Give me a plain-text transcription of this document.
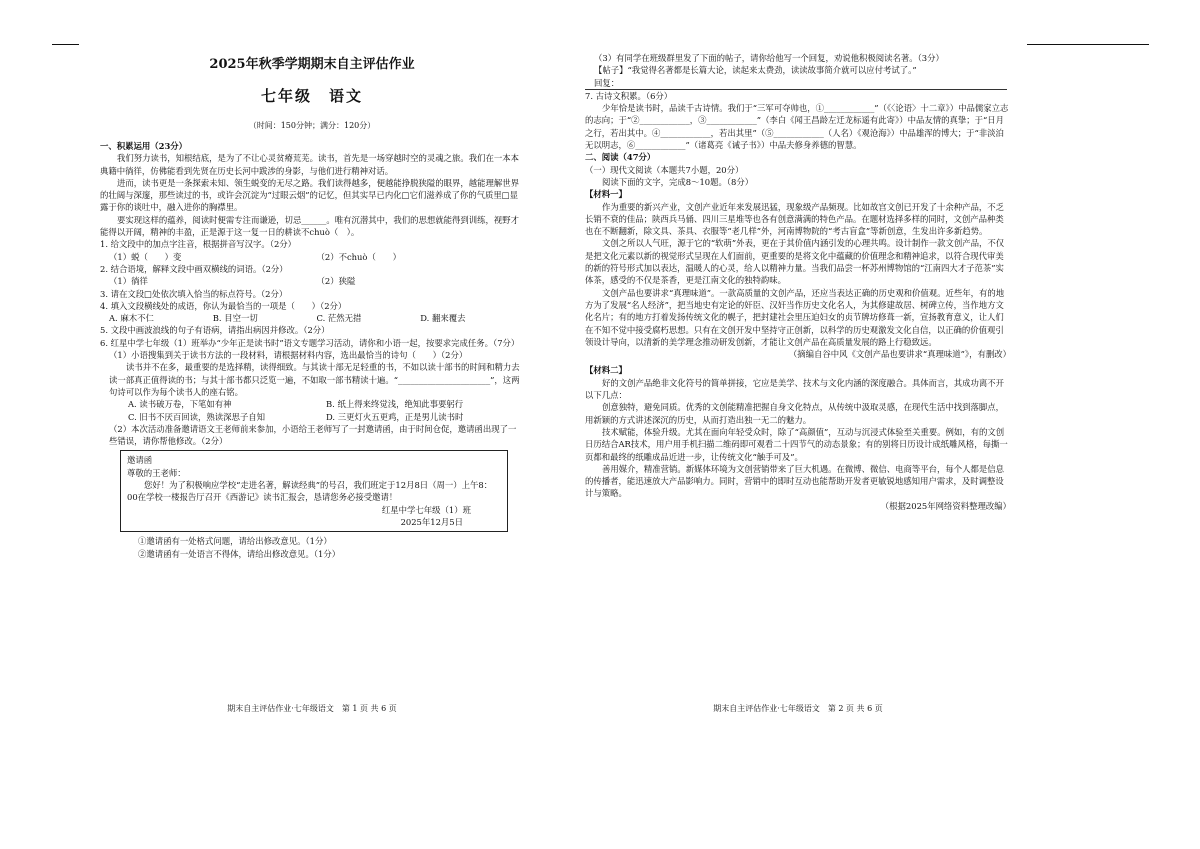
2025年秋季学期期末自主评估作业

七年级　语文

（时间：150分钟；满分：120分）

一、积累运用（23分）

我们努力读书，知根结底，是为了不让心灵贫瘠荒芜。读书，首先是一场穿越时空的灵魂之旅。我们在一本本典籍中徜徉，仿佛能看到先贤在历史长河中跋涉的身影，与他们进行精神对话。

进而，读书更是一条探索未知、领生蜕变的无尽之路。我们读得越多，便越能挣脱狭隘的眼界，越能理解世界的壮阔与深邃，那些读过的书，或许会沉淀为“过眼云烟”的记忆，但其实早已内化□它们滋养成了你的气质里□显露于你的谈吐中，融入进你的胸襟里。

要实现这样的蕴养，阅读时便需专注而谦逊，切忌______。唯有沉潜其中，我们的思想就能得到训练，视野才能得以开阔，精神的丰盈，正是源于这一复一日的耕读不chuò（　）。

1. 给文段中的加点字注音，根据拼音写汉字。（2分）

（1）蜕（　　）变	（2）不chuò（　　）

2. 结合语境，解释文段中画双横线的词语。（2分）

（1）徜徉	（2）狭隘

3. 请在文段□处依次填入恰当的标点符号。（2分）

4. 填入文段横线处的成语，你认为最恰当的一项是（　　）（2分）

A. 麻木不仁	B. 目空一切	C. 茫然无措	D. 翻来覆去

5. 文段中画波浪线的句子有语病，请指出病因并修改。（2分）

6. 红星中学七年级（1）班举办“少年正是读书时”语文专题学习活动，请你和小语一起，按要求完成任务。（7分）

（1）小语搜集到关于读书方法的一段材料，请根据材料内容，选出最恰当的诗句（　　）（2分）

读书并不在多，最重要的是选择精，读得细致。与其读十部无足轻重的书，不如以读十部书的时间和精力去读一部真正值得读的书；与其十部书都只泛览一遍，不如取一部书精读十遍。“______________________”，这两句诗可以作为每个读书人的座右铭。

A. 读书破万卷，下笔如有神	B. 纸上得来终觉浅，绝知此事要躬行
C. 旧书不厌百回读，熟读深思子自知	D. 三更灯火五更鸡，正是男儿读书时

（2）本次活动准备邀请语文王老师前来参加，小语给王老师写了一封邀请函，由于时间仓促，邀请函出现了一些错误，请你帮他修改。（2分）

邀请函

尊敬的王老师：

您好！为了积极响应学校“走进名著，解读经典”的号召，我们班定于12月8日（周一）上午8：00在学校一楼报告厅召开《西游记》读书汇报会，恳请您务必接受邀请！

红星中学七年级（1）班

2025年12月5日

①邀请函有一处格式问题，请给出修改意见。（1分）

②邀请函有一处语言不得体，请给出修改意见。（1分）

期末自主评估作业·七年级语文　第 1 页 共 6 页

（3）有同学在班级群里发了下面的帖子，请你给他写一个回复，劝说他积极阅读名著。（3分）

【帖子】“我觉得名著都是长篇大论，读起来太费劲，读读故事简介就可以应付考试了。”

回复：

7. 古诗文积累。（6分）

少年恰是读书时，品读千古诗情。我们于“三军可夺帅也，①____________”（《〈论语〉十二章》）中品儒家立志的志向；于“②____________，③____________”（李白《闻王昌龄左迁龙标遥有此寄》）中品友情的真挚；于“日月之行，若出其中。④____________，若出其里”（⑤____________（人名）《观沧海》）中品雄浑的博大；于“非淡泊无以明志，⑥____________”（诸葛亮《诫子书》）中品夫修身养德的智慧。

二、阅读（47分）

（一）现代文阅读（本题共7小题，20分）

阅读下面的文字，完成8～10题。（8分）

【材料一】

作为重要的新兴产业，文创产业近年来发展迅猛，现象级产品频现。比如故宫文创已开发了十余种产品，不乏长销不衰的佳品；陕西兵马俑、四川三星堆等也各有创意满满的特色产品。在题材选择多样的同时，文创产品种类也在不断翻新，除文具、茶具、衣服等“老几样”外，河南博物院的“考古盲盒”等新创意，生发出许多新趋势。

文创之所以人气旺，源于它的“软萌”外表，更在于其价值内涵引发的心理共鸣。设计制作一款文创产品，不仅是把文化元素以新的视觉形式呈现在人们面前，更重要的是将文化中蕴藏的价值理念和精神追求，以符合现代审美的新的符号形式加以表达，温暖人的心灵，给人以精神力量。当我们品尝一杯苏州博物馆的“江南四大才子范茶”实体茶，感受的不仅是茶香，更是江南文化的独特韵味。

文创产品也要讲求“真理味道”。一款高质量的文创产品，还应当表达正确的历史观和价值观。近些年，有的地方为了发展“名人经济”，把当地史有定论的奸臣、汉奸当作历史文化名人，为其修建故居、树碑立传，当作地方文化名片；有的地方打着发扬传统文化的幌子，把封建社会里压迫妇女的贞节牌坊修葺一新，宣扬教育意义，让人们在不知不觉中接受腐朽思想。只有在文创开发中坚持守正创新，以科学的历史观激发文化自信，以正确的价值观引领设计导向，以清新的美学理念推动研发创新，才能让文创产品在高质量发展的路上行稳致远。

（摘编自谷中风《文创产品也要讲求“真理味道”》，有删改）

【材料二】

好的文创产品绝非文化符号的简单拼接，它应是美学、技术与文化内涵的深度融合。具体而言，其成功离不开以下几点：

创意独特，避免同质。优秀的文创能精准把握自身文化特点，从传统中汲取灵感，在现代生活中找到落脚点，用新颖的方式讲述深沉的历史，从而打造出独一无二的魅力。

技术赋能，体验升级。尤其在面向年轻受众时，除了“高颜值”，互动与沉浸式体验至关重要。例如，有的文创日历结合AR技术，用户用手机扫描二维码即可观看二十四节气的动态景象；有的别将日历设计成纸雕风格，每撕一页都和最终的纸雕成品近进一步，让传统文化“触手可及”。

善用媒介，精准营销。新媒体环境为文创营销带来了巨大机遇。在微博、微信、电商等平台，每个人都是信息的传播者，能迅速放大产品影响力。同时，营销中的即时互动也能帮助开发者更敏锐地感知用户需求，及时调整设计与策略。

（根据2025年网络资料整理改编）

期末自主评估作业·七年级语文　第 2 页 共 6 页
